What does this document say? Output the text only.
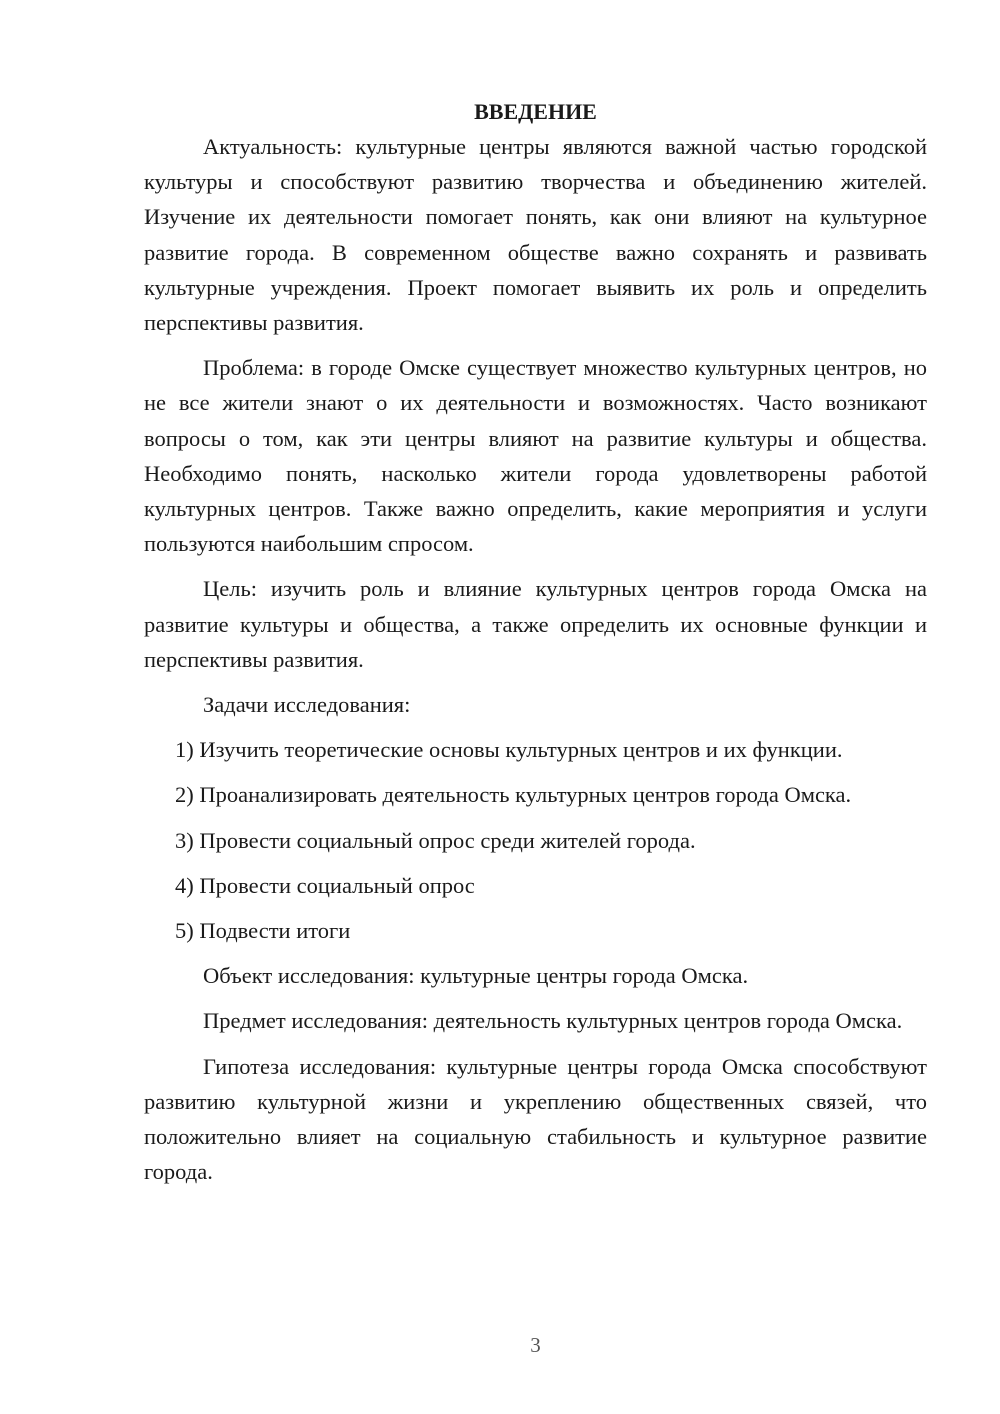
ВВЕДЕНИЕ

Актуальность: культурные центры являются важной частью городской культуры и способствуют развитию творчества и объединению жителей. Изучение их деятельности помогает понять, как они влияют на культурное развитие города. В современном обществе важно сохранять и развивать культурные учреждения. Проект помогает выявить их роль и определить перспективы развития.

Проблема: в городе Омске существует множество культурных центров, но не все жители знают о их деятельности и возможностях. Часто возникают вопросы о том, как эти центры влияют на развитие культуры и общества. Необходимо понять, насколько жители города удовлетворены работой культурных центров. Также важно определить, какие мероприятия и услуги пользуются наибольшим спросом.

Цель: изучить роль и влияние культурных центров города Омска на развитие культуры и общества, а также определить их основные функции и перспективы развития.

Задачи исследования:

1) Изучить теоретические основы культурных центров и их функции.

2) Проанализировать деятельность культурных центров города Омска.

3) Провести социальный опрос среди жителей города.

4) Провести социальный опрос

5) Подвести итоги

Объект исследования: культурные центры города Омска.

Предмет исследования: деятельность культурных центров города Омска.

Гипотеза исследования: культурные центры города Омска способствуют развитию культурной жизни и укреплению общественных связей, что положительно влияет на социальную стабильность и культурное развитие города.

3
